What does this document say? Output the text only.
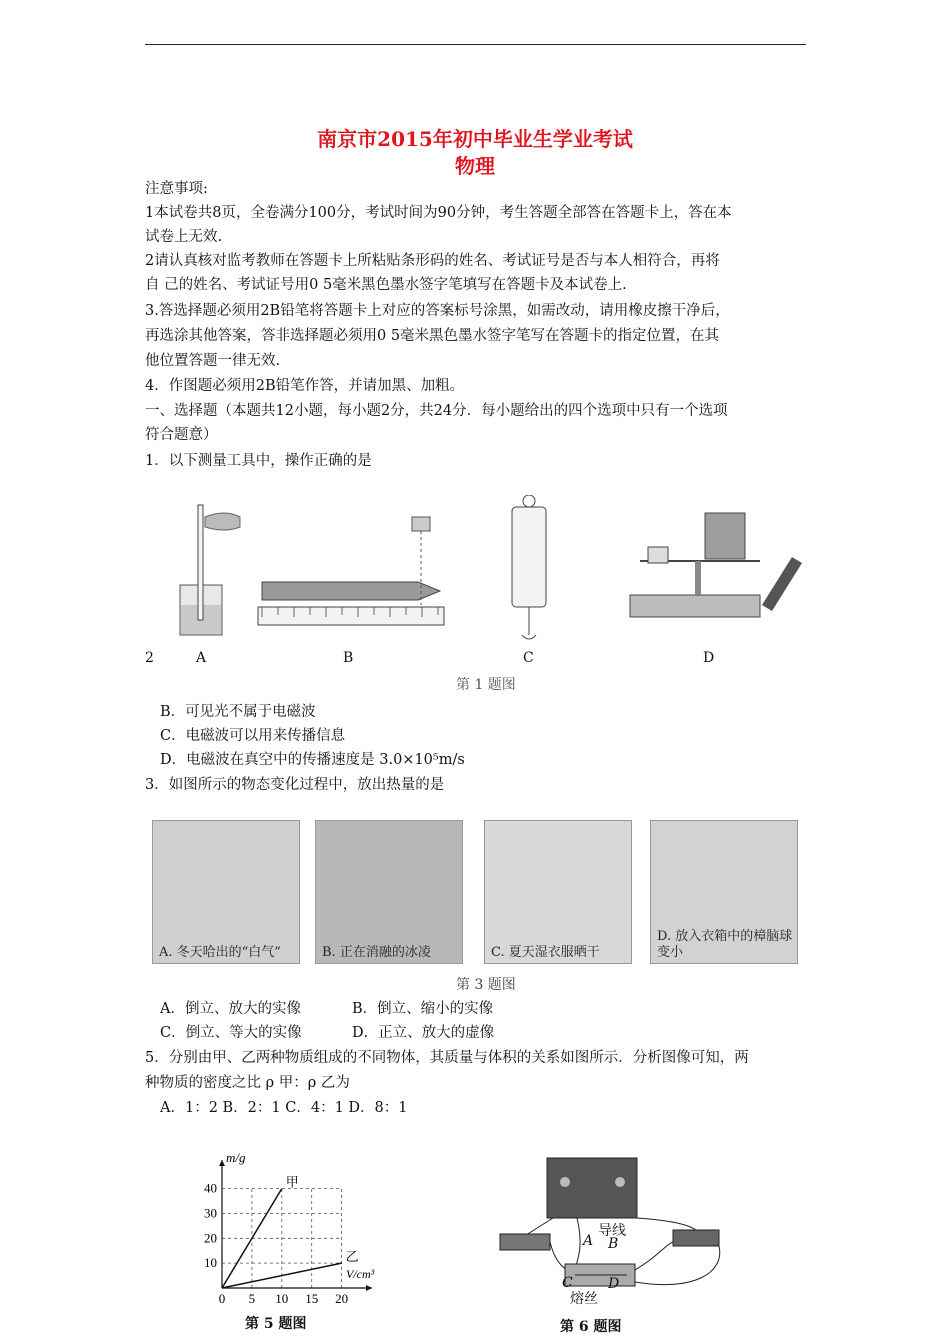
南京市2015年初中毕业生学业考试
物理
注意事项:
1本试卷共8页，全卷满分100分，考试时间为90分钟，考生答题全部答在答题卡上，答在本
试卷上无效.
2请认真核对监考教师在答题卡上所粘贴条形码的姓名、考试证号是否与本人相符合，再将
自 己的姓名、考试证号用0 5毫米黑色墨水签字笔填写在答题卡及本试卷上.
3.答选择题必须用2B铅笔将答题卡上对应的答案标号涂黑，如需改动，请用橡皮擦干净后，
再选涂其他答案，答非选择题必须用0 5毫米黑色墨水签字笔写在答题卡的指定位置，在其
他位置答题一律无效.
4．作图题必须用2B铅笔作答，并请加黑、加粗。
一、选择题（本题共12小题，每小题2分，共24分．每小题给出的四个选项中只有一个选项
符合题意）
1．以下测量工具中，操作正确的是
2	A	B	C	D
第 1 题图
B．可见光不属于电磁波
C．电磁波可以用来传播信息
D．电磁波在真空中的传播速度是 3.0×10⁵m/s
3．如图所示的物态变化过程中，放出热量的是
A. 冬天哈出的“白气”	B. 正在消融的冰凌	C. 夏天湿衣服晒干
D. 放入衣箱中的樟脑球变小
第 3 题图
A．倒立、放大的实像	B．倒立、缩小的实像
C．倒立、等大的实像	D．正立、放大的虚像
5．分别由甲、乙两种物质组成的不同物体，其质量与体积的关系如图所示．分析图像可知，两
种物质的密度之比 ρ 甲：ρ 乙为
A．1：2 B．2：1 C．4：1 D．8：1
0 5 10 15 20
10
20
30
40
m/g
V/cm³
甲
乙
第 5 题图
导线
A B
C	D
熔丝
第 6 题图
